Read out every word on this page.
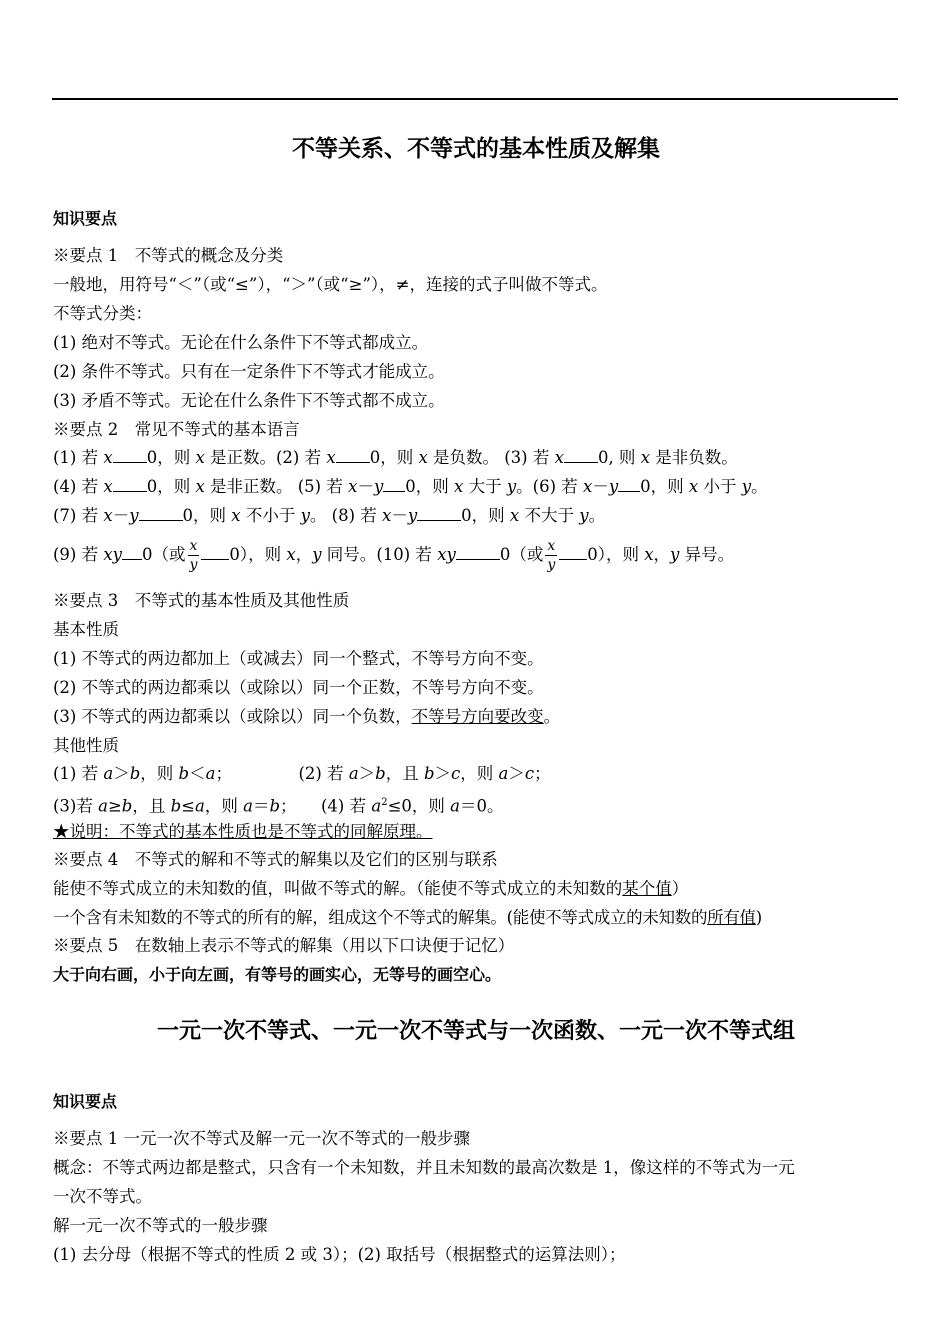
不等关系、不等式的基本性质及解集
知识要点
※要点 1　不等式的概念及分类
一般地，用符号“＜”（或“≤”），“＞”（或“≥”），≠，连接的式子叫做不等式。
不等式分类：
(1) 绝对不等式。无论在什么条件下不等式都成立。
(2) 条件不等式。只有在一定条件下不等式才能成立。
(3) 矛盾不等式。无论在什么条件下不等式都不成立。
※要点 2　常见不等式的基本语言
(1) 若 x 0，则 x 是正数。(2) 若 x 0，则 x 是负数。 (3) 若 x 0, 则 x 是非负数。
(4) 若 x 0，则 x 是非正数。 (5) 若 x－y 0，则 x 大于 y。(6) 若 x－y 0，则 x 小于 y。
(7) 若 x－y	0，则 x 不小于 y。 (8) 若 x－y	0，则 x 不大于 y。
(9) 若 xy 0（或 $\frac{x}{y} 0$），则 x，y 同号。(10) 若 xy	0（或 $\frac{x}{y} 0$），则 x，y 异号。
※要点 3　不等式的基本性质及其他性质
基本性质
(1) 不等式的两边都加上（或减去）同一个整式，不等号方向不变。
(2) 不等式的两边都乘以（或除以）同一个正数，不等号方向不变。
(3) 不等式的两边都乘以（或除以）同一个负数，不等号方向要改变。
其他性质
(1) 若 a＞b，则 b＜a；	(2) 若 a＞b，且 b＞c，则 a＞c；
(3)若 a≥b，且 b≤a，则 a＝b； (4) 若 $a^2\le 0$，则 a＝0。
★说明：不等式的基本性质也是不等式的同解原理。
※要点 4　不等式的解和不等式的解集以及它们的区别与联系
能使不等式成立的未知数的值，叫做不等式的解。（能使不等式成立的未知数的某个值）
一个含有未知数的不等式的所有的解，组成这个不等式的解集。(能使不等式成立的未知数的所有值)
※要点 5　在数轴上表示不等式的解集（用以下口诀便于记忆）
大于向右画，小于向左画，有等号的画实心，无等号的画空心。
一元一次不等式、一元一次不等式与一次函数、一元一次不等式组
知识要点
※要点 1 一元一次不等式及解一元一次不等式的一般步骤
概念：不等式两边都是整式，只含有一个未知数，并且未知数的最高次数是 1，像这样的不等式为一元
一次不等式。
解一元一次不等式的一般步骤
(1) 去分母（根据不等式的性质 2 或 3）；(2) 取括号（根据整式的运算法则）；
